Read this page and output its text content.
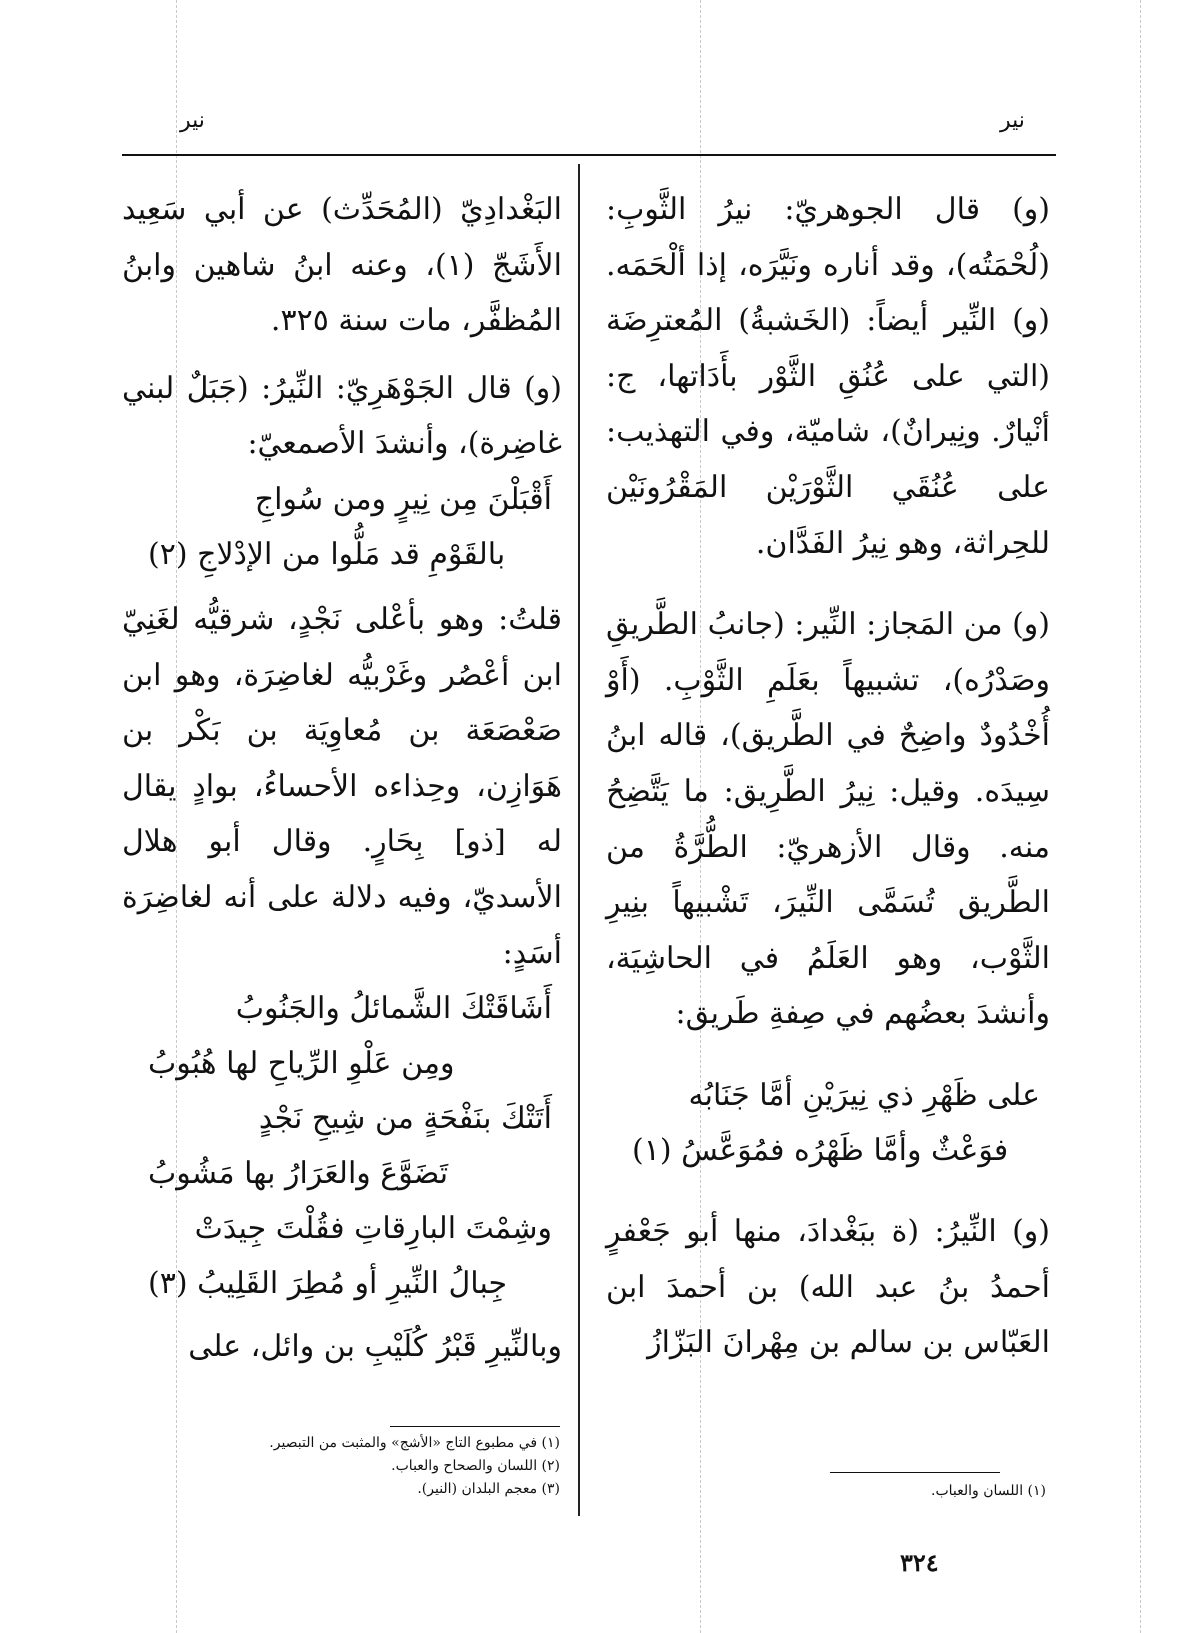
نير	نير

(و) قال الجوهريّ: نيرُ الثَّوبِ: (لُحْمَتُه)، وقد أناره ونَيَّرَه، إذا ألْحَمَه. (و) النِّير أيضاً: (الخَشبةُ) المُعترِضَة (التي على عُنُقِ الثَّوْر بأَدَاتها، ج: أنْيارٌ. ونِيرانٌ)، شاميّة، وفي التهذيب: على عُنُقَي الثَّوْرَيْن المَقْرُونَيْن للحِراثة، وهو نِيرُ الفَدَّان.

(و) من المَجاز: النِّير: (جانبُ الطَّريقِ وصَدْرُه)، تشبيهاً بعَلَمِ الثَّوْبِ. (أَوْ أُخْدُودٌ واضِحٌ في الطَّريق)، قاله ابنُ سِيدَه. وقيل: نِيرُ الطَّرِيق: ما يَتَّضِحُ منه. وقال الأزهريّ: الطُّرَّةُ من الطَّريق تُسَمَّى النِّيرَ، تَشْبيهاً بنِيرِ الثَّوْب، وهو العَلَمُ في الحاشِيَة، وأنشدَ بعضُهم في صِفةِ طَريق:

على ظَهْرِ ذي نِيرَيْنِ أمَّا جَنَابُه
فوَعْثٌ وأمَّا ظَهْرُه فمُوَعَّسُ (١)

(و) النِّيرُ: (ة ببَغْدادَ، منها أبو جَعْفرٍ أحمدُ بنُ عبد الله) بن أحمدَ ابن العَبّاس بن سالم بن مِهْرانَ البَزّازُ

البَغْدادِيّ (المُحَدِّث) عن أبي سَعِيد الأَشَجّ (١)، وعنه ابنُ شاهين وابنُ المُظفَّر، مات سنة ٣٢٥.

(و) قال الجَوْهَرِيّ: النِّيرُ: (جَبَلٌ لبني غاضِرة)، وأنشدَ الأصمعيّ:

أَقْبَلْنَ مِن نِيرٍ ومن سُواجِ
بالقَوْمِ قد مَلُّوا من الإدْلاجِ (٢)

قلتُ: وهو بأعْلى نَجْدٍ، شرقيُّه لغَنِيّ ابن أعْصُر وغَرْبيُّه لغاضِرَة، وهو ابن صَعْصَعَة بن مُعاوِيَة بن بَكْر بن هَوَازِن، وحِذاءه الأحساءُ، بوادٍ يقال له [ذو] بِحَارٍ. وقال أبو هلال الأسديّ، وفيه دلالة على أنه لغاضِرَة أسَدٍ:

أَشَاقَتْكَ الشَّمائلُ والجَنُوبُ
ومِن عَلْوِ الرِّياحِ لها هُبُوبُ
أَتَتْكَ بنَفْحَةٍ من شِيحِ نَجْدٍ
تَضَوَّعَ والعَرَارُ بها مَشُوبُ
وشِمْتَ البارِقاتِ فقُلْتَ جِيدَتْ
جِبالُ النِّيرِ أو مُطِرَ القَلِيبُ (٣)

وبالنِّيرِ قَبْرُ كُلَيْبِ بن وائل، على

(١) في مطبوع التاج «الأشج» والمثبت من التبصير.
(٢) اللسان والصحاح والعباب.
(٣) معجم البلدان (النير).	(١) اللسان والعباب.
٣٢٤
